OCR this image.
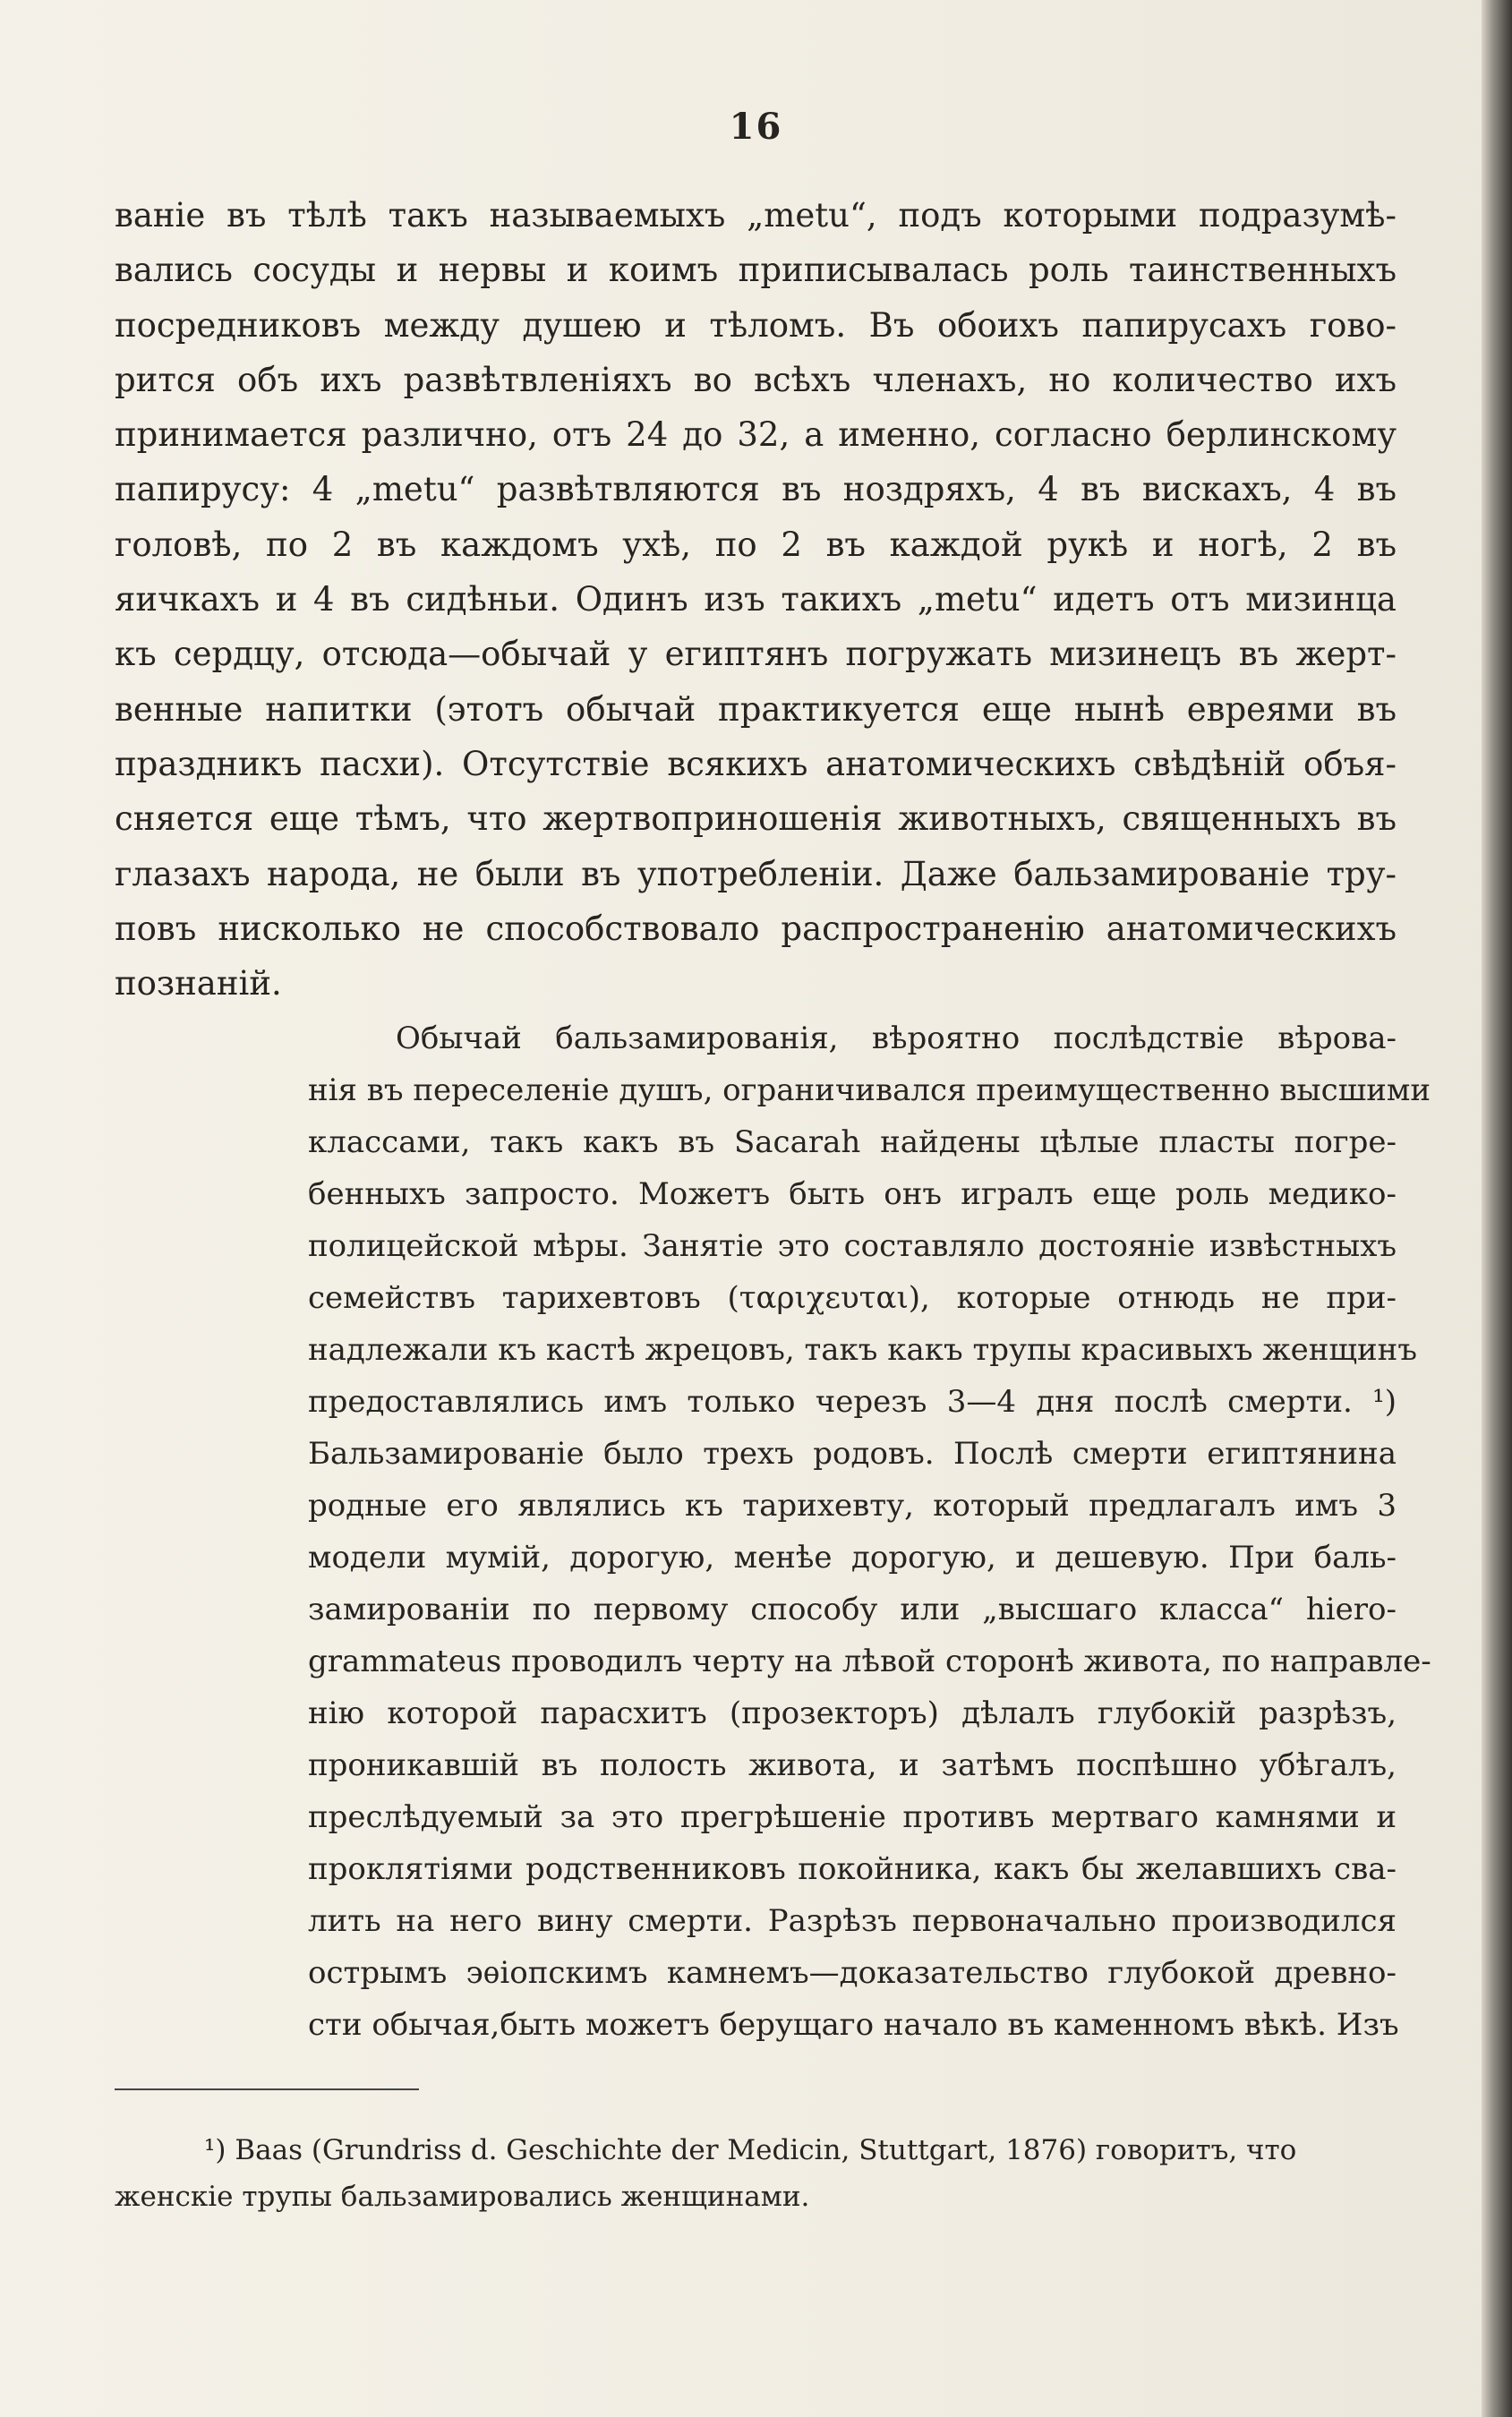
16
ваніе въ тѣлѣ такъ называемыхъ „metu“, подъ которыми подразумѣ-
вались сосуды и нервы и коимъ приписывалась роль таинственныхъ
посредниковъ между душею и тѣломъ. Въ обоихъ папирусахъ гово-
рится объ ихъ развѣтвленіяхъ во всѣхъ членахъ, но количество ихъ
принимается различно, отъ 24 до 32, а именно, согласно берлинскому
папирусу: 4 „metu“ развѣтвляются въ ноздряхъ, 4 въ вискахъ, 4 въ
головѣ, по 2 въ каждомъ ухѣ, по 2 въ каждой рукѣ и ногѣ, 2 въ
яичкахъ и 4 въ сидѣньи. Одинъ изъ такихъ „metu“ идетъ отъ мизинца
къ сердцу, отсюда—обычай у египтянъ погружать мизинецъ въ жерт-
венные напитки (этотъ обычай практикуется еще нынѣ евреями въ
праздникъ пасхи). Отсутствіе всякихъ анатомическихъ свѣдѣній объя-
сняется еще тѣмъ, что жертвоприношенія животныхъ, священныхъ въ
глазахъ народа, не были въ употребленіи. Даже бальзамированіе тру-
повъ нисколько не способствовало распространенію анатомическихъ
познаній.
Обычай бальзамированія, вѣроятно послѣдствіе вѣрова-
нія въ переселеніе душъ, ограничивался преимущественно высшими
классами, такъ какъ въ Sacarah найдены цѣлые пласты погре-
бенныхъ запросто. Можетъ быть онъ игралъ еще роль медико-
полицейской мѣры. Занятіе это составляло достояніе извѣстныхъ
семействъ тарихевтовъ (ταριχευται), которые отнюдь не при-
надлежали къ кастѣ жрецовъ, такъ какъ трупы красивыхъ женщинъ
предоставлялись имъ только черезъ 3—4 дня послѣ смерти. ¹)
Бальзамированіе было трехъ родовъ. Послѣ смерти египтянина
родные его являлись къ тарихевту, который предлагалъ имъ 3
модели мумій, дорогую, менѣе дорогую, и дешевую. При баль-
замированіи по первому способу или „высшаго класса“ hiero-
grammateus проводилъ черту на лѣвой сторонѣ живота, по направле-
нію которой парасхитъ (прозекторъ) дѣлалъ глубокій разрѣзъ,
проникавшій въ полость живота, и затѣмъ поспѣшно убѣгалъ,
преслѣдуемый за это прегрѣшеніе противъ мертваго камнями и
проклятіями родственниковъ покойника, какъ бы желавшихъ сва-
лить на него вину смерти. Разрѣзъ первоначально производился
острымъ эѳіопскимъ камнемъ—доказательство глубокой древно-
сти обычая,быть можетъ берущаго начало въ каменномъ вѣкѣ. Изъ
¹) Baas (Grundriss d. Geschichte der Medicin, Stuttgart, 1876) говоритъ, что
женскіе трупы бальзамировались женщинами.
